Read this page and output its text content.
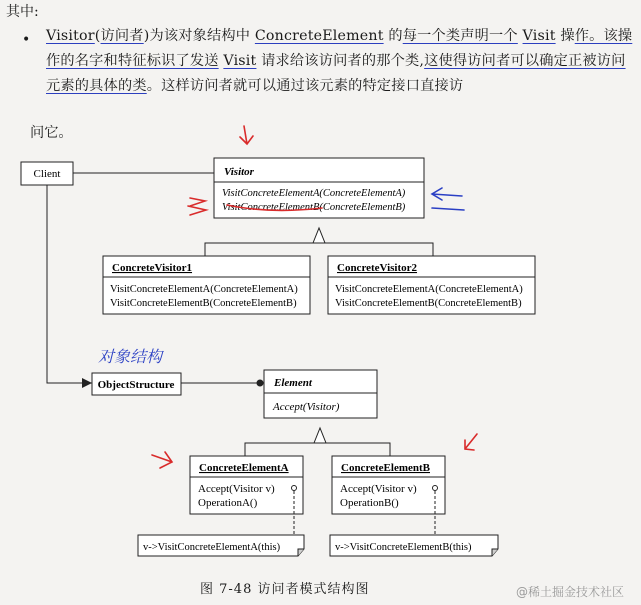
其中:
• Visitor(访问者)为该对象结构中 ConcreteElement 的每一个类声明一个 Visit 操作。该操作的名字和特征标识了发送 Visit 请求给该访问者的那个类,这使得访问者可以确定正被访问元素的具体的类。这样访问者就可以通过该元素的特定接口直接访
问它。
Client	Visitor
VisitConcreteElementA(ConcreteElementA)
VisitConcreteElementB(ConcreteElementB)
ConcreteVisitor1
VisitConcreteElementA(ConcreteElementA)
VisitConcreteElementB(ConcreteElementB)
ConcreteVisitor2
VisitConcreteElementA(ConcreteElementA)
VisitConcreteElementB(ConcreteElementB)
ObjectStructure	Element
Accept(Visitor)
ConcreteElementA
Accept(Visitor v)
OperationA()
ConcreteElementB
Accept(Visitor v)
OperationB()
v->VisitConcreteElementA(this)	v->VisitConcreteElementB(this)
对象结构
图 7-48 访问者模式结构图	@稀土掘金技术社区
